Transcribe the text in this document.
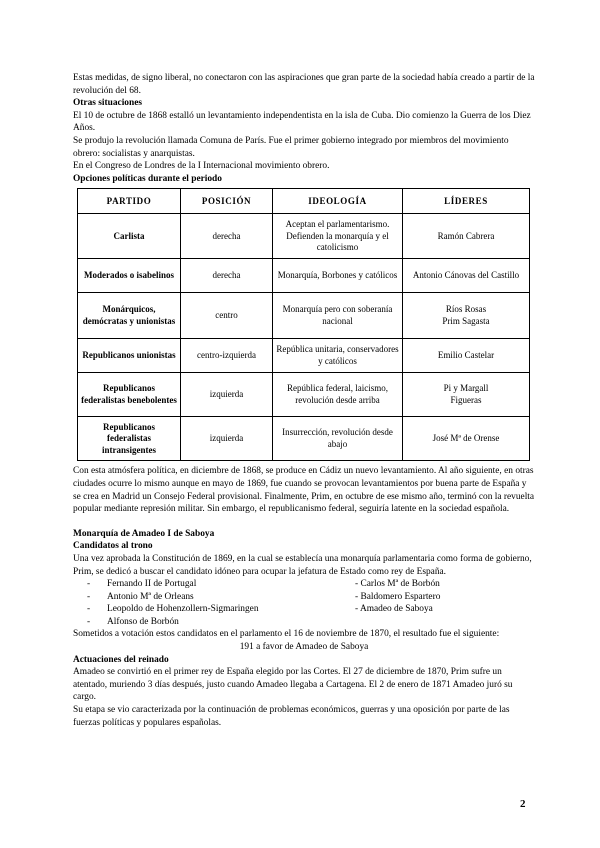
Estas medidas, de signo liberal, no conectaron con las aspiraciones que gran parte de la sociedad había creado a partir de la revolución del 68.

Otras situaciones

El 10 de octubre de 1868 estalló un levantamiento independentista en la isla de Cuba. Dio comienzo la Guerra de los Diez Años.

Se produjo la revolución llamada Comuna de París. Fue el primer gobierno integrado por miembros del movimiento obrero: socialistas y anarquistas.

En el Congreso de Londres de la I Internacional movimiento obrero.

Opciones políticas durante el periodo

PARTIDO	POSICIÓN	IDEOLOGÍA	LÍDERES
Carlista	derecha	Aceptan el parlamentarismo. Defienden la monarquía y el catolicismo	Ramón Cabrera
Moderados o isabelinos	derecha	Monarquía, Borbones y católicos	Antonio Cánovas del Castillo
Monárquicos, demócratas y unionistas	centro	Monarquía pero con soberanía nacional	Ríos Rosas Prim Sagasta
Republicanos unionistas	centro-izquierda	República unitaria, conservadores y católicos	Emilio Castelar
Republicanos federalistas benebolentes	izquierda	República federal, laicismo, revolución desde arriba	Pi y Margall Figueras
Republicanos federalistas intransigentes	izquierda	Insurrección, revolución desde abajo	José Mª de Orense

Con esta atmósfera política, en diciembre de 1868, se produce en Cádiz un nuevo levantamiento. Al año siguiente, en otras ciudades ocurre lo mismo aunque en mayo de 1869, fue cuando se provocan levantamientos por buena parte de España y se crea en Madrid un Consejo Federal provisional. Finalmente, Prim, en octubre de ese mismo año, terminó con la revuelta popular mediante represión militar. Sin embargo, el republicanismo federal, seguiría latente en la sociedad española.

Monarquía de Amadeo I de Saboya

Candidatos al trono

Una vez aprobada la Constitución de 1869, en la cual se establecía una monarquía parlamentaria como forma de gobierno, Prim, se dedicó a buscar el candidato idóneo para ocupar la jefatura de Estado como rey de España.

- Fernando II de Portugal	- Carlos Mª de Borbón
- Antonio Mª de Orleans	- Baldomero Espartero
- Leopoldo de Hohenzollern-Sigmaringen	- Amadeo de Saboya
- Alfonso de Borbón

Sometidos a votación estos candidatos en el parlamento el 16 de noviembre de 1870, el resultado fue el siguiente:

191 a favor de Amadeo de Saboya

Actuaciones del reinado

Amadeo se convirtió en el primer rey de España elegido por las Cortes. El 27 de diciembre de 1870, Prim sufre un atentado, muriendo 3 días después, justo cuando Amadeo llegaba a Cartagena. El 2 de enero de 1871 Amadeo juró su cargo.

Su etapa se vio caracterizada por la continuación de problemas económicos, guerras y una oposición por parte de las fuerzas políticas y populares españolas.

2
